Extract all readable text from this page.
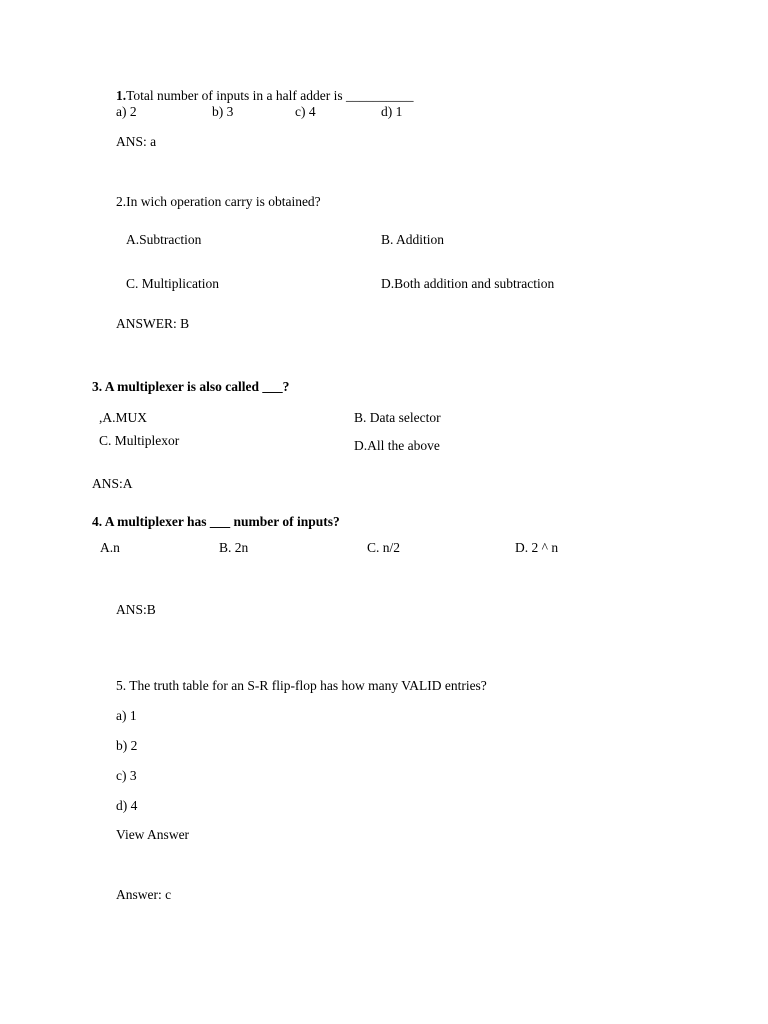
1.Total number of inputs in a half adder is __________
a) 2	b) 3	c) 4	d) 1
ANS: a
2.In wich operation carry is obtained?
A.Subtraction	B. Addition
C. Multiplication	D.Both addition and subtraction
ANSWER: B
3. A multiplexer is also called ___?
,A.MUX	B. Data selector
C. Multiplexor	D.All the above
ANS:A
4. A multiplexer has ___ number of inputs?
A.n	B. 2n	C. n/2	D. 2 ^ n
ANS:B
5. The truth table for an S-R flip-flop has how many VALID entries?
a) 1
b) 2
c) 3
d) 4
View Answer
Answer: c
